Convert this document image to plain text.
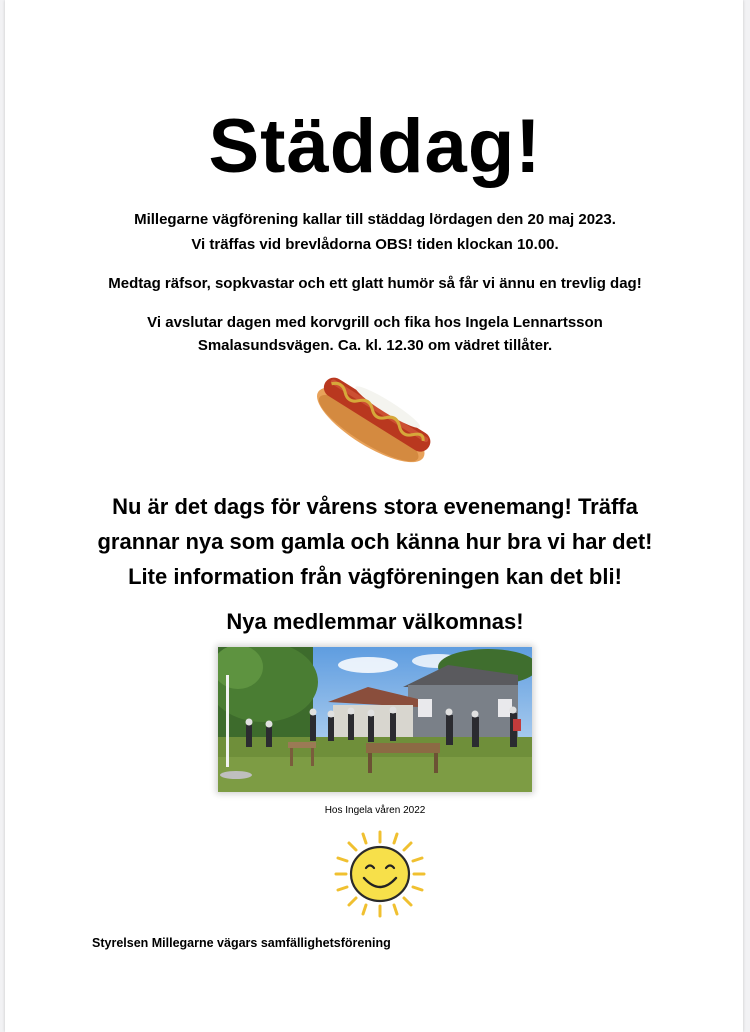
Städdag!
Millegarne vägförening kallar till städdag lördagen den 20 maj 2023.
Vi träffas vid brevlådorna OBS! tiden klockan 10.00.
Medtag räfsor, sopkvastar och ett glatt humör så får vi ännu en trevlig dag!
Vi avslutar dagen med korvgrill och fika hos Ingela Lennartsson
Smalasundsvägen. Ca. kl. 12.30 om vädret tillåter.
Nu är det dags för vårens stora evenemang! Träffa
grannar nya som gamla och känna hur bra vi har det!
Lite information från vägföreningen kan det bli!
Nya medlemmar välkomnas!
Hos Ingela våren 2022
Styrelsen Millegarne vägars samfällighetsförening
